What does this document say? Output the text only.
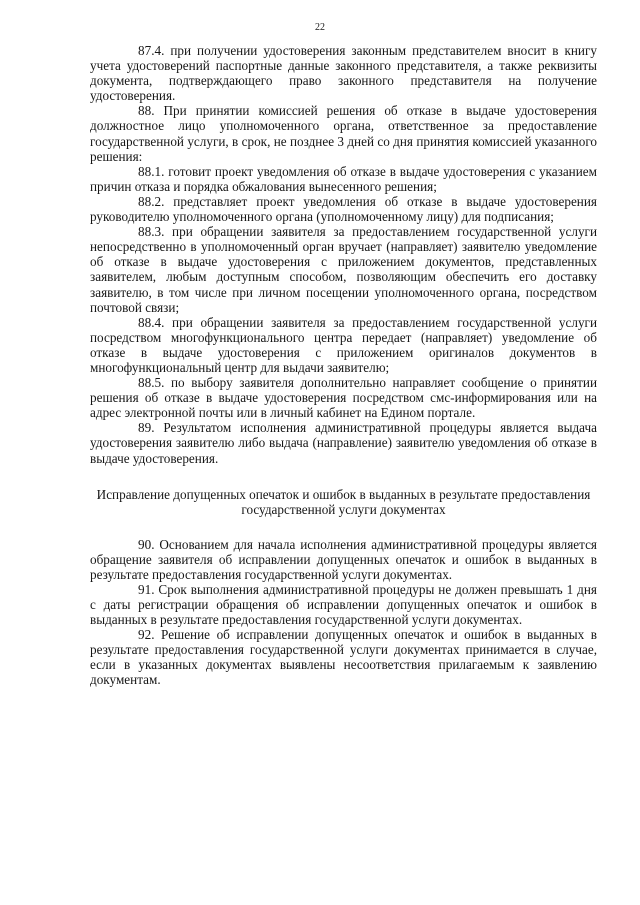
22

87.4. при получении удостоверения законным представителем вносит в книгу учета удостоверений паспортные данные законного представителя, а также реквизиты документа, подтверждающего право законного представителя на получение удостоверения.

88. При принятии комиссией решения об отказе в выдаче удостоверения должностное лицо уполномоченного органа, ответственное за предоставление государственной услуги, в срок, не позднее 3 дней со дня принятия комиссией указанного решения:

88.1. готовит проект уведомления об отказе в выдаче удостоверения с указанием причин отказа и порядка обжалования вынесенного решения;

88.2. представляет проект уведомления об отказе в выдаче удостоверения руководителю уполномоченного органа (уполномоченному лицу) для подписания;

88.3. при обращении заявителя за предоставлением государственной услуги непосредственно в уполномоченный орган вручает (направляет) заявителю уведомление об отказе в выдаче удостоверения с приложением документов, представленных заявителем, любым доступным способом, позволяющим обеспечить его доставку заявителю, в том числе при личном посещении уполномоченного органа, посредством почтовой связи;

88.4. при обращении заявителя за предоставлением государственной услуги посредством многофункционального центра передает (направляет) уведомление об отказе в выдаче удостоверения с приложением оригиналов документов в многофункциональный центр для выдачи заявителю;

88.5. по выбору заявителя дополнительно направляет сообщение о принятии решения об отказе в выдаче удостоверения посредством смс-информирования или на адрес электронной почты или в личный кабинет на Едином портале.

89. Результатом исполнения административной процедуры является выдача удостоверения заявителю либо выдача (направление) заявителю уведомления об отказе в выдаче удостоверения.

Исправление допущенных опечаток и ошибок в выданных в результате предоставления государственной услуги документах

90. Основанием для начала исполнения административной процедуры является обращение заявителя об исправлении допущенных опечаток и ошибок в выданных в результате предоставления государственной услуги документах.

91. Срок выполнения административной процедуры не должен превышать 1 дня с даты регистрации обращения об исправлении допущенных опечаток и ошибок в выданных в результате предоставления государственной услуги документах.

92. Решение об исправлении допущенных опечаток и ошибок в выданных в результате предоставления государственной услуги документах принимается в случае, если в указанных документах выявлены несоответствия прилагаемым к заявлению документам.
